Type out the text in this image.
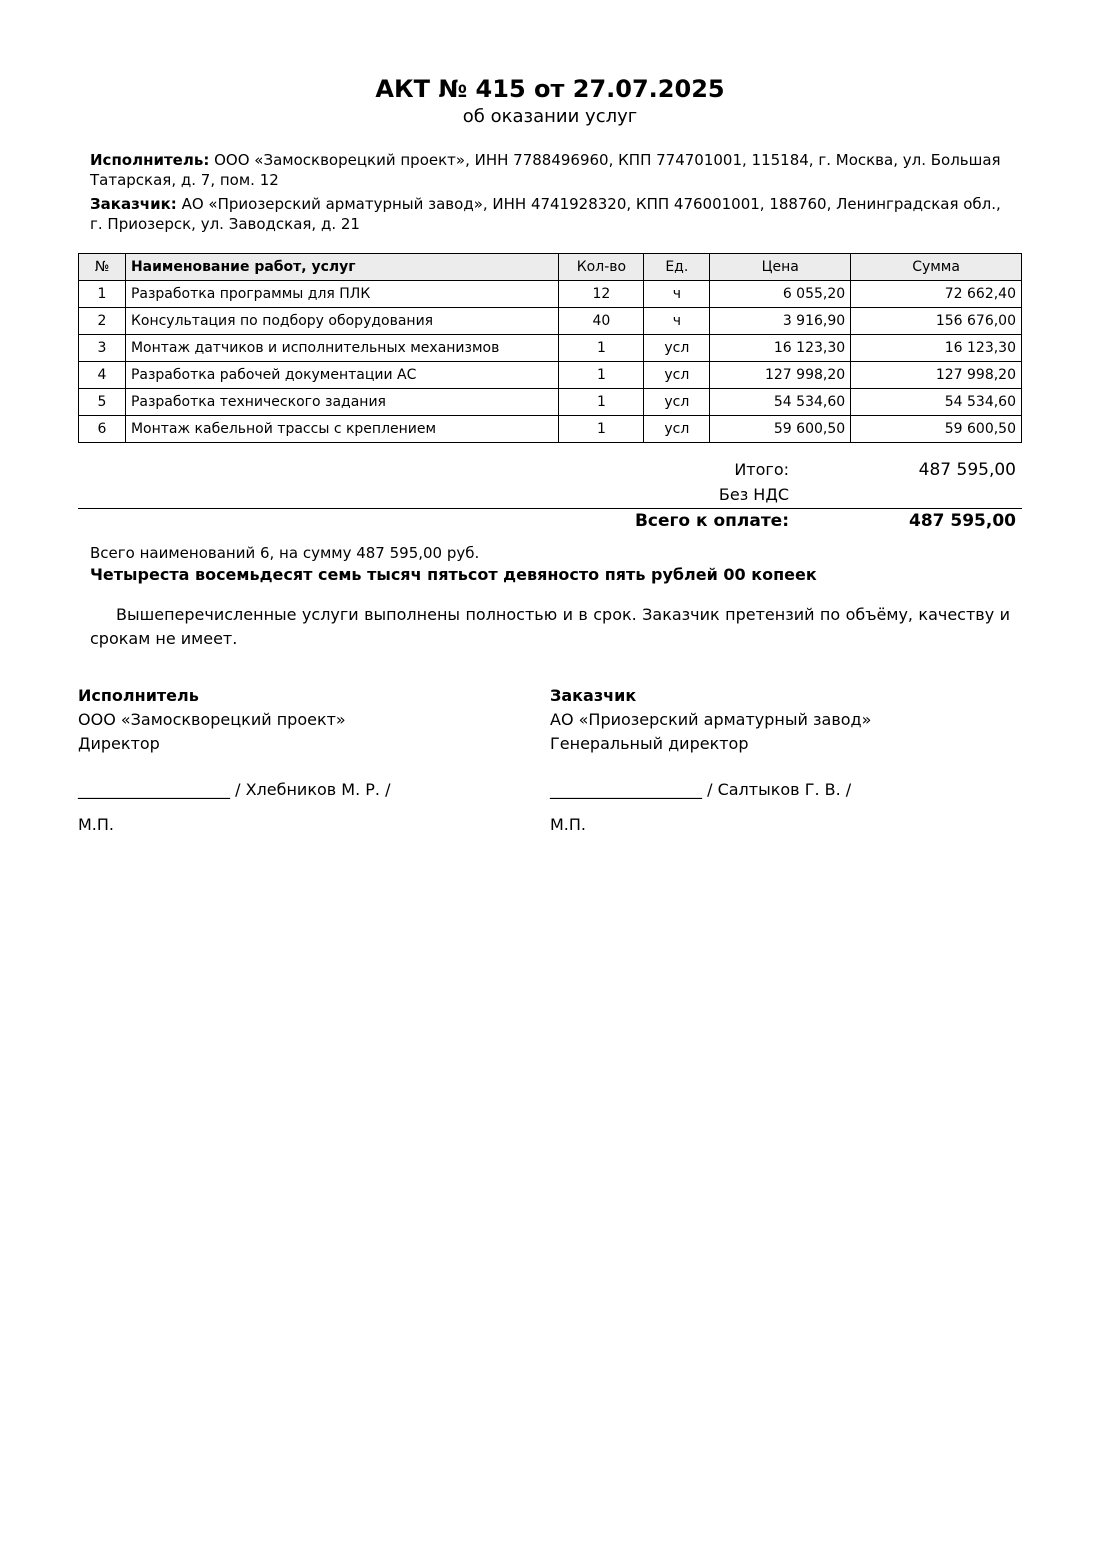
АКТ № 415 от 27.07.2025
об оказании услуг
Исполнитель: ООО «Замоскворецкий проект», ИНН 7788496960, КПП 774701001, 115184, г. Москва, ул. Большая Татарская, д. 7, пом. 12
Заказчик: АО «Приозерский арматурный завод», ИНН 4741928320, КПП 476001001, 188760, Ленинградская обл., г. Приозерск, ул. Заводская, д. 21
№	Наименование работ, услуг	Кол-во	Ед.	Цена	Сумма
1	Разработка программы для ПЛК	12	ч	6 055,20	72 662,40
2	Консультация по подбору оборудования	40	ч	3 916,90	156 676,00
3	Монтаж датчиков и исполнительных механизмов	1	усл	16 123,30	16 123,30
4	Разработка рабочей документации АС	1	усл	127 998,20	127 998,20
5	Разработка технического задания	1	усл	54 534,60	54 534,60
6	Монтаж кабельной трассы с креплением	1	усл	59 600,50	59 600,50
Итого:	487 595,00
Без НДС
Всего к оплате:	487 595,00
Всего наименований 6, на сумму 487 595,00 руб.
Четыреста восемьдесят семь тысяч пятьсот девяносто пять рублей 00 копеек
Вышеперечисленные услуги выполнены полностью и в срок. Заказчик претензий по объёму, качеству и срокам не имеет.
Исполнитель
ООО «Замоскворецкий проект»
Директор
___________________ / Хлебников М. Р. /
М.П.
Заказчик
АО «Приозерский арматурный завод»
Генеральный директор
___________________ / Салтыков Г. В. /
М.П.
